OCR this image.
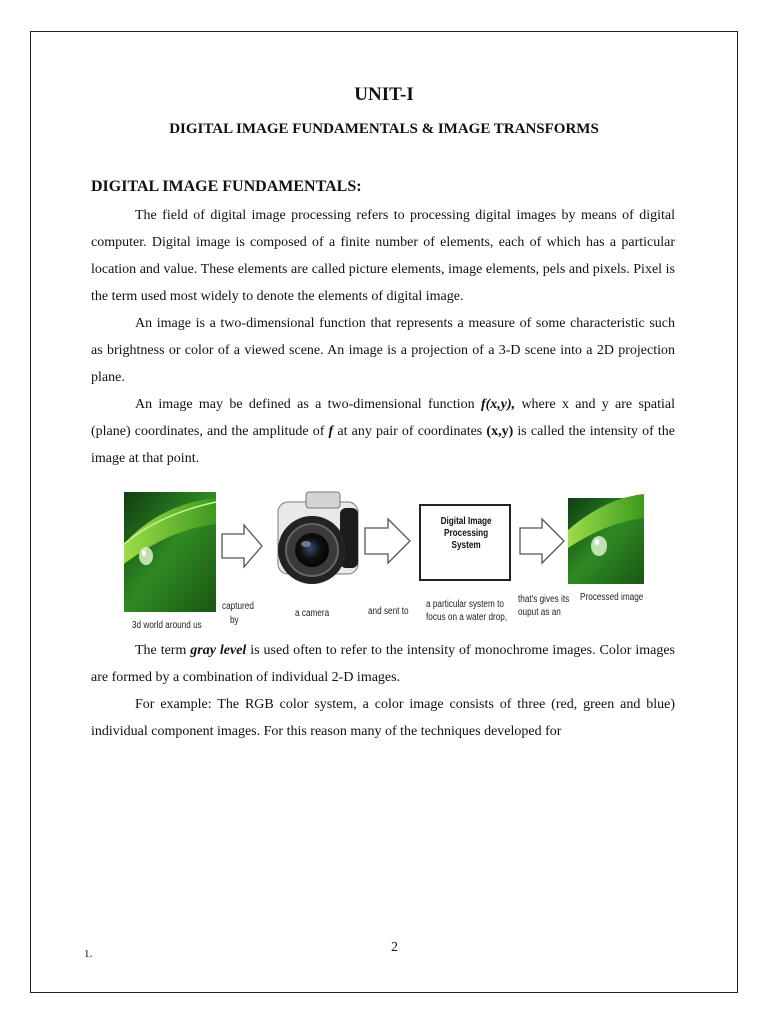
UNIT-I
DIGITAL IMAGE FUNDAMENTALS & IMAGE TRANSFORMS
DIGITAL IMAGE FUNDAMENTALS:
The field of digital image processing refers to processing digital images by means of digital computer. Digital image is composed of a finite number of elements, each of which has a particular location and value. These elements are called picture elements, image elements, pels and pixels. Pixel is the term used most widely to denote the elements of digital image.
An image is a two-dimensional function that represents a measure of some characteristic such as brightness or color of a viewed scene. An image is a projection of a 3-D scene into a 2D projection plane.
An image may be defined as a two-dimensional function f(x,y), where x and y are spatial (plane) coordinates, and the amplitude of f at any pair of coordinates (x,y) is called the intensity of the image at that point.
Digital Image Processing
System
3d world around us
captured
by
a camera	and sent to
a particular system to
focus on a water drop,
that's gives its
ouput as an
Processed image
The term gray level is used often to refer to the intensity of monochrome images. Color images are formed by a combination of individual 2-D images.
For example: The RGB color system, a color image consists of three (red, green and blue) individual component images. For this reason many of the techniques developed for
2
1.
